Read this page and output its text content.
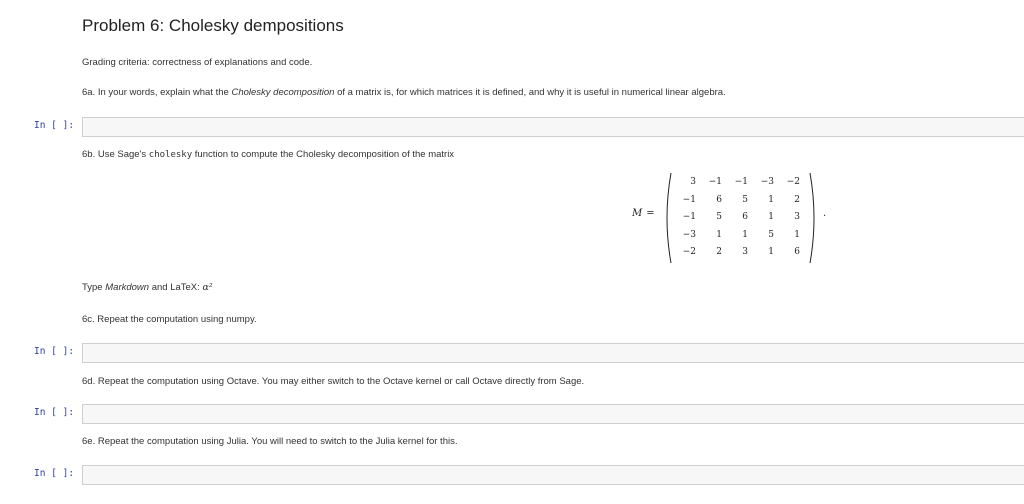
Problem 6: Cholesky dempositions
Grading criteria: correctness of explanations and code.
6a. In your words, explain what the Cholesky decomposition of a matrix is, for which matrices it is defined, and why it is useful in numerical linear algebra.
In [ ]:
6b. Use Sage's cholesky function to compute the Cholesky decomposition of the matrix
M =
3	−1	−1	−3	−2
−1	6	5	1	2
−1	5	6	1	3
−3	1	1	5	1
−2	2	3	1	6
.
Type Markdown and LaTeX: α²
6c. Repeat the computation using numpy.
In [ ]:
6d. Repeat the computation using Octave. You may either switch to the Octave kernel or call Octave directly from Sage.
In [ ]:
6e. Repeat the computation using Julia. You will need to switch to the Julia kernel for this.
In [ ]:
